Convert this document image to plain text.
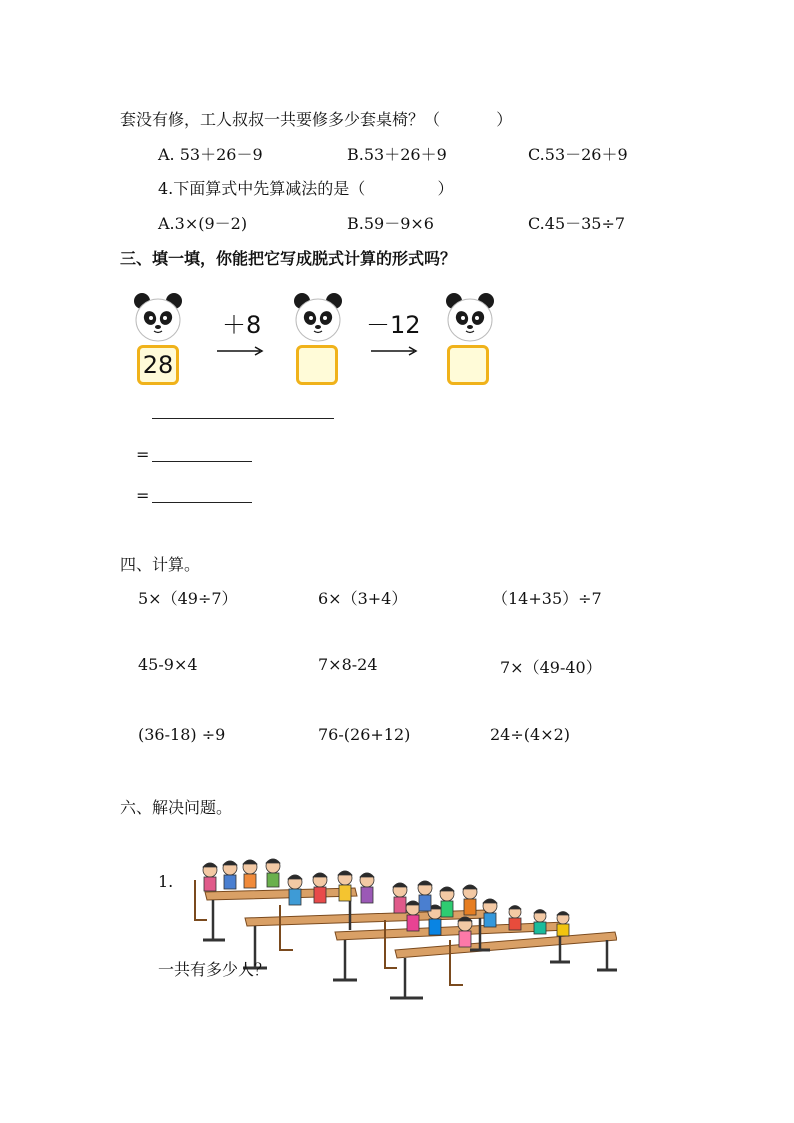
套没有修，工人叔叔一共要修多少套桌椅？（	）
A. 53＋26－9	B.53＋26＋9	C.53－26＋9
4.下面算式中先算减法的是（	）
A.3×(9－2)	B.59－9×6	C.45－35÷7
三、填一填，你能把它写成脱式计算的形式吗？
28
＋8	－12
=
=
四、计算。
5×（49÷7）	6×（3+4）	（14+35）÷7
45-9×4	7×8-24	7×（49-40）
(36-18) ÷9	76-(26+12)	24÷(4×2)
六、解决问题。
1.
一共有多少人？
